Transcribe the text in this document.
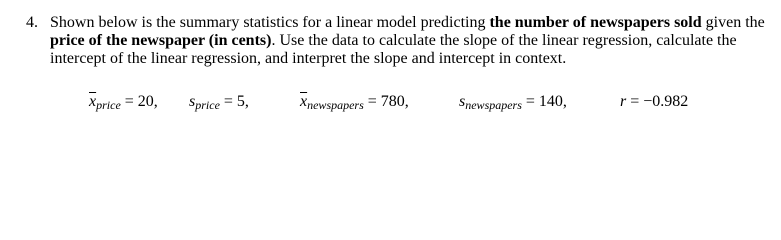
4. Shown below is the summary statistics for a linear model predicting the number of newspapers sold given the price of the newspaper (in cents). Use the data to calculate the slope of the linear regression, calculate the intercept of the linear regression, and interpret the slope and intercept in context.
$\overline{x}price = 20$, sprice = 5,	$\overline{x}newspapers = 780$,	snewspapers = 140,	r = −0.982
